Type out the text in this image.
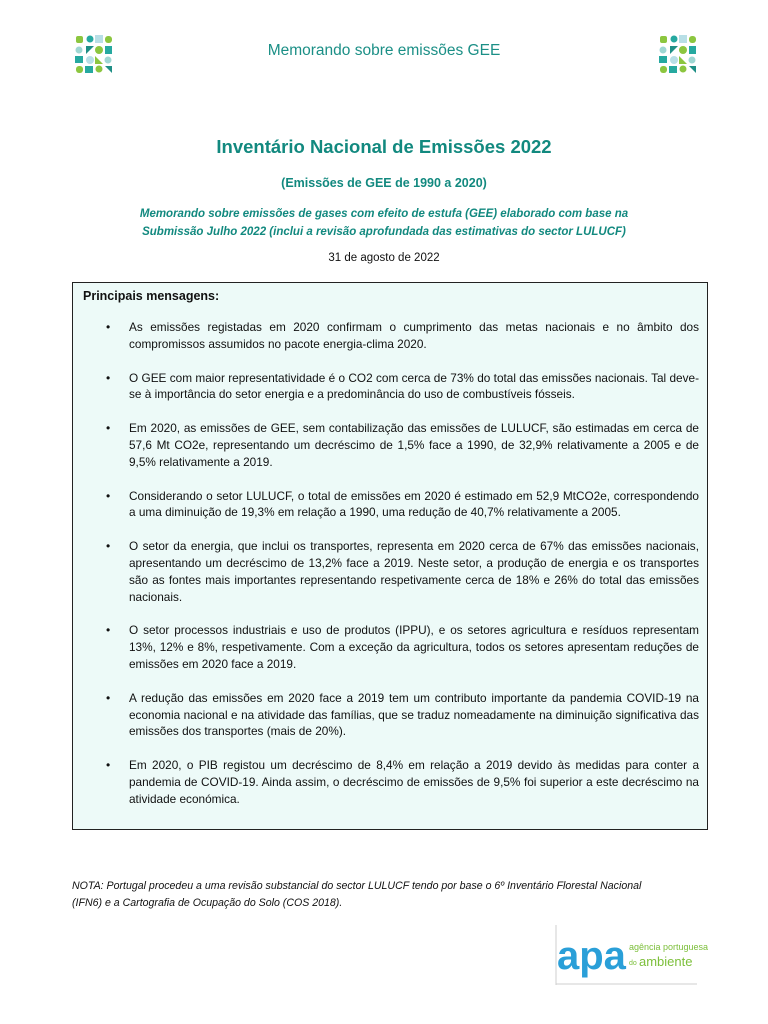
Memorando sobre emissões GEE
Inventário Nacional de Emissões 2022
(Emissões de GEE de 1990 a 2020)
Memorando sobre emissões de gases com efeito de estufa (GEE) elaborado com base na
Submissão Julho 2022 (inclui a revisão aprofundada das estimativas do sector LULUCF)
31 de agosto de 2022
Principais mensagens:
• As emissões registadas em 2020 confirmam o cumprimento das metas nacionais e no âmbito dos compromissos assumidos no pacote energia-clima 2020.
• O GEE com maior representatividade é o CO2 com cerca de 73% do total das emissões nacionais. Tal deve-se à importância do setor energia e a predominância do uso de combustíveis fósseis.
• Em 2020, as emissões de GEE, sem contabilização das emissões de LULUCF, são estimadas em cerca de 57,6 Mt CO2e, representando um decréscimo de 1,5% face a 1990, de 32,9% relativamente a 2005 e de 9,5% relativamente a 2019.
• Considerando o setor LULUCF, o total de emissões em 2020 é estimado em 52,9 MtCO2e, correspondendo a uma diminuição de 19,3% em relação a 1990, uma redução de 40,7% relativamente a 2005.
• O setor da energia, que inclui os transportes, representa em 2020 cerca de 67% das emissões nacionais, apresentando um decréscimo de 13,2% face a 2019. Neste setor, a produção de energia e os transportes são as fontes mais importantes representando respetivamente cerca de 18% e 26% do total das emissões nacionais.
• O setor processos industriais e uso de produtos (IPPU), e os setores agricultura e resíduos representam 13%, 12% e 8%, respetivamente. Com a exceção da agricultura, todos os setores apresentam reduções de emissões em 2020 face a 2019.
• A redução das emissões em 2020 face a 2019 tem um contributo importante da pandemia COVID-19 na economia nacional e na atividade das famílias, que se traduz nomeadamente na diminuição significativa das emissões dos transportes (mais de 20%).
• Em 2020, o PIB registou um decréscimo de 8,4% em relação a 2019 devido às medidas para conter a pandemia de COVID-19. Ainda assim, o decréscimo de emissões de 9,5% foi superior a este decréscimo na atividade económica.
NOTA: Portugal procedeu a uma revisão substancial do sector LULUCF tendo por base o 6º Inventário Florestal Nacional
(IFN6) e a Cartografia de Ocupação do Solo (COS 2018).
apa agência portuguesa
do ambiente
